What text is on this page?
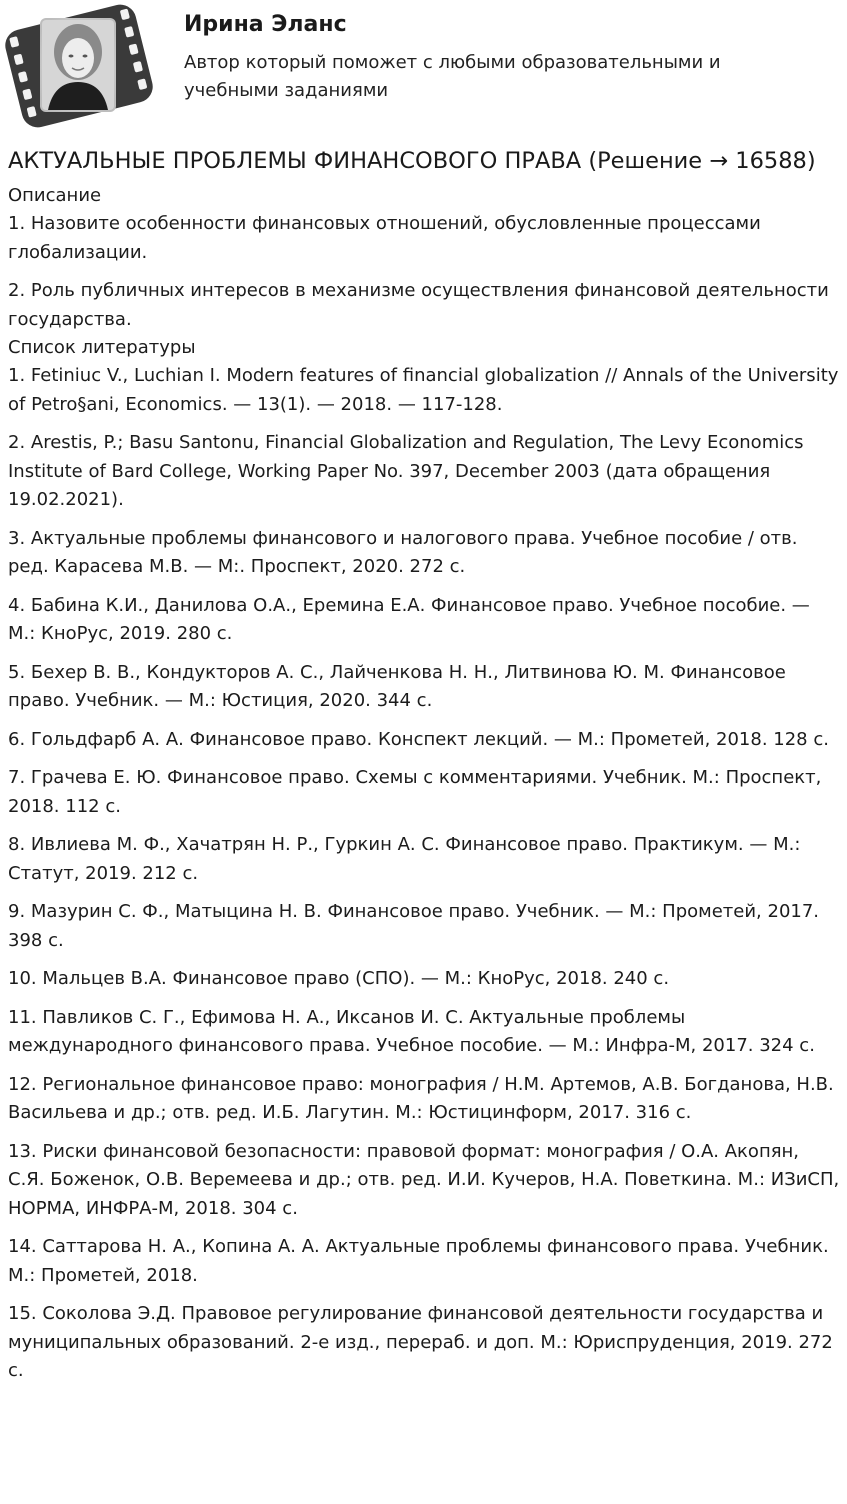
Ирина Эланс

Автор который поможет с любыми образовательными и учебными заданиями

АКТУАЛЬНЫЕ ПРОБЛЕМЫ ФИНАНСОВОГО ПРАВА (Решение → 16588)

Описание

1. Назовите особенности финансовых отношений, обусловленные процессами глобализации.

2. Роль публичных интересов в механизме осуществления финансовой деятельности государства.

Список литературы

1. Fetiniuc V., Luchian I. Modern features of financial globalization // Annals of the University of Petro§ani, Economics. — 13(1). — 2018. — 117-128.

2. Arestis, P.; Basu Santonu, Financial Globalization and Regulation, The Levy Economics Institute of Bard College, Working Paper No. 397, December 2003 (дата обращения 19.02.2021).

3. Актуальные проблемы финансового и налогового права. Учебное пособие / отв. ред. Карасева М.В. — М:. Проспект, 2020. 272 с.

4. Бабина К.И., Данилова О.А., Еремина Е.А. Финансовое право. Учебное пособие. — М.: КноРус, 2019. 280 с.

5. Бехер В. В., Кондукторов А. С., Лайченкова Н. Н., Литвинова Ю. М. Финансовое право. Учебник. — М.: Юстиция, 2020. 344 с.

6. Гольдфарб А. А. Финансовое право. Конспект лекций. — М.: Прометей, 2018. 128 с.

7. Грачева Е. Ю. Финансовое право. Схемы с комментариями. Учебник. М.: Проспект, 2018. 112 с.

8. Ивлиева М. Ф., Хачатрян Н. Р., Гуркин А. С. Финансовое право. Практикум. — М.: Статут, 2019. 212 с.

9. Мазурин С. Ф., Матыцина Н. В. Финансовое право. Учебник. — М.: Прометей, 2017. 398 с.

10. Мальцев В.А. Финансовое право (СПО). — М.: КноРус, 2018. 240 с.

11. Павликов С. Г., Ефимова Н. А., Иксанов И. С. Актуальные проблемы международного финансового права. Учебное пособие. — М.: Инфра-М, 2017. 324 с.

12. Региональное финансовое право: монография / Н.М. Артемов, А.В. Богданова, Н.В. Васильева и др.; отв. ред. И.Б. Лагутин. М.: Юстицинформ, 2017. 316 с.

13. Риски финансовой безопасности: правовой формат: монография / О.А. Акопян, С.Я. Боженок, О.В. Веремеева и др.; отв. ред. И.И. Кучеров, Н.А. Поветкина. М.: ИЗиСП, НОРМА, ИНФРА-М, 2018. 304 с.

14. Саттарова Н. А., Копина А. А. Актуальные проблемы финансового права. Учебник. М.: Прометей, 2018.

15. Соколова Э.Д. Правовое регулирование финансовой деятельности государства и муниципальных образований. 2-е изд., перераб. и доп. М.: Юриспруденция, 2019. 272 с.
